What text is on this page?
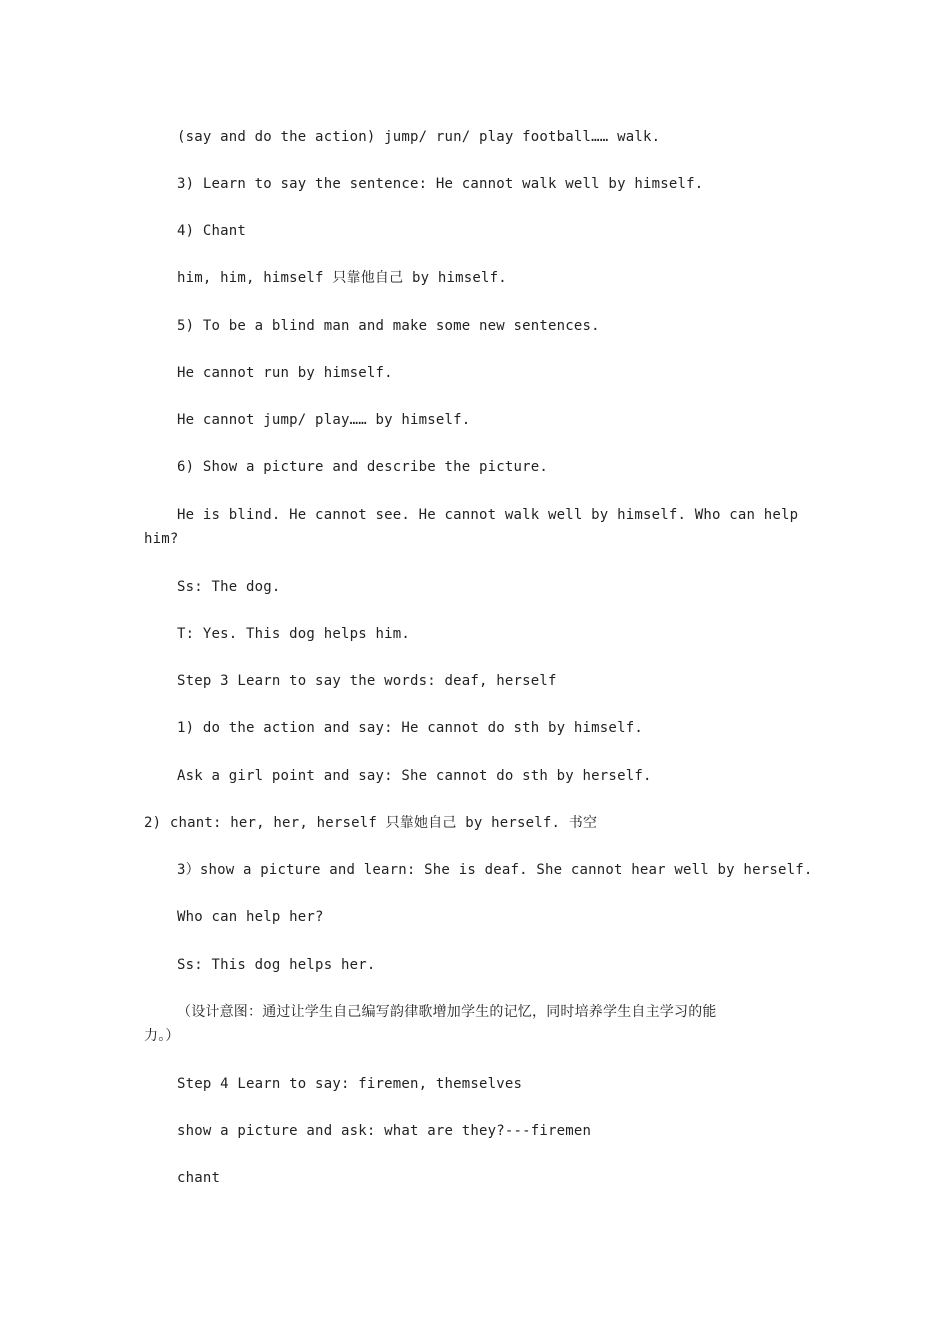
(say and do the action) jump/ run/ play football…… walk.
3) Learn to say the sentence: He cannot walk well by himself.
4) Chant
him, him, himself 只靠他自己 by himself.
5) To be a blind man and make some new sentences.
He cannot run by himself.
He cannot jump/ play…… by himself.
6) Show a picture and describe the picture.
He is blind. He cannot see. He cannot walk well by himself. Who can help
him?
Ss: The dog.
T: Yes. This dog helps him.
Step 3 Learn to say the words: deaf, herself
1) do the action and say: He cannot do sth by himself.
Ask a girl point and say: She cannot do sth by herself.
2) chant: her, her, herself 只靠她自己 by herself. 书空
3）show a picture and learn: She is deaf. She cannot hear well by herself.
Who can help her?
Ss: This dog helps her.
（设计意图：通过让学生自己编写韵律歌增加学生的记忆，同时培养学生自主学习的能
力。）
Step 4 Learn to say: firemen, themselves
show a picture and ask: what are they?---firemen
chant
